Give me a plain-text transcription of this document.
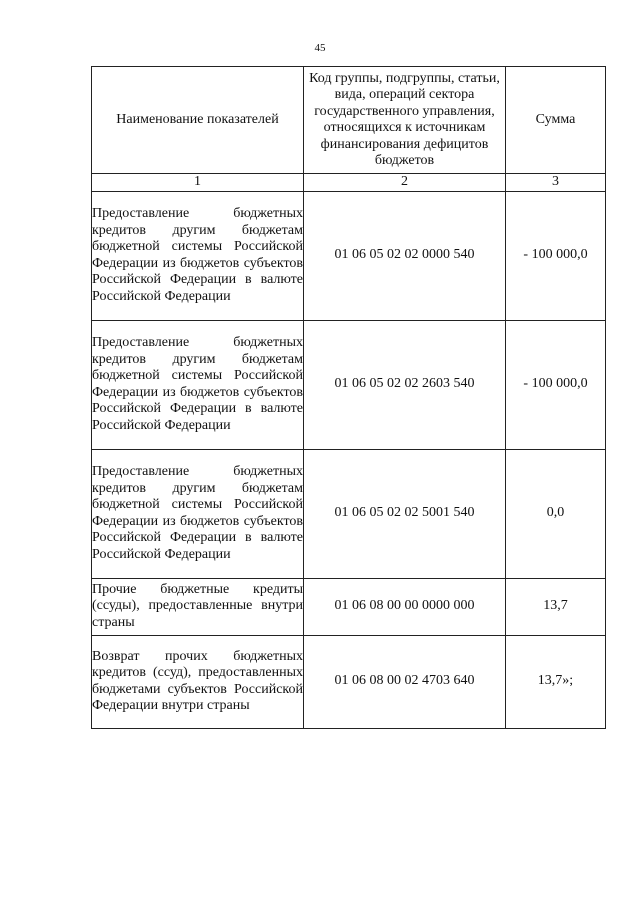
45
Наименование показателей	Код группы, подгруппы, статьи, вида, операций сектора государственного управления, относящихся к источникам финансирования дефицитов бюджетов	Сумма
1	2	3
Предоставление бюджетных кредитов другим бюджетам бюджетной системы Российской Федерации из бюджетов субъектов Российской Федерации в валюте Российской Федерации	01 06 05 02 02 0000 540	- 100 000,0
Предоставление бюджетных кредитов другим бюджетам бюджетной системы Российской Федерации из бюджетов субъектов Российской Федерации в валюте Российской Федерации	01 06 05 02 02 2603 540	- 100 000,0
Предоставление бюджетных кредитов другим бюджетам бюджетной системы Российской Федерации из бюджетов субъектов Российской Федерации в валюте Российской Федерации	01 06 05 02 02 5001 540	0,0
Прочие бюджетные кредиты (ссуды), предоставленные внутри страны	01 06 08 00 00 0000 000	13,7
Возврат прочих бюджетных кредитов (ссуд), предоставленных бюджетами субъектов Российской Федерации внутри страны	01 06 08 00 02 4703 640	13,7»;
